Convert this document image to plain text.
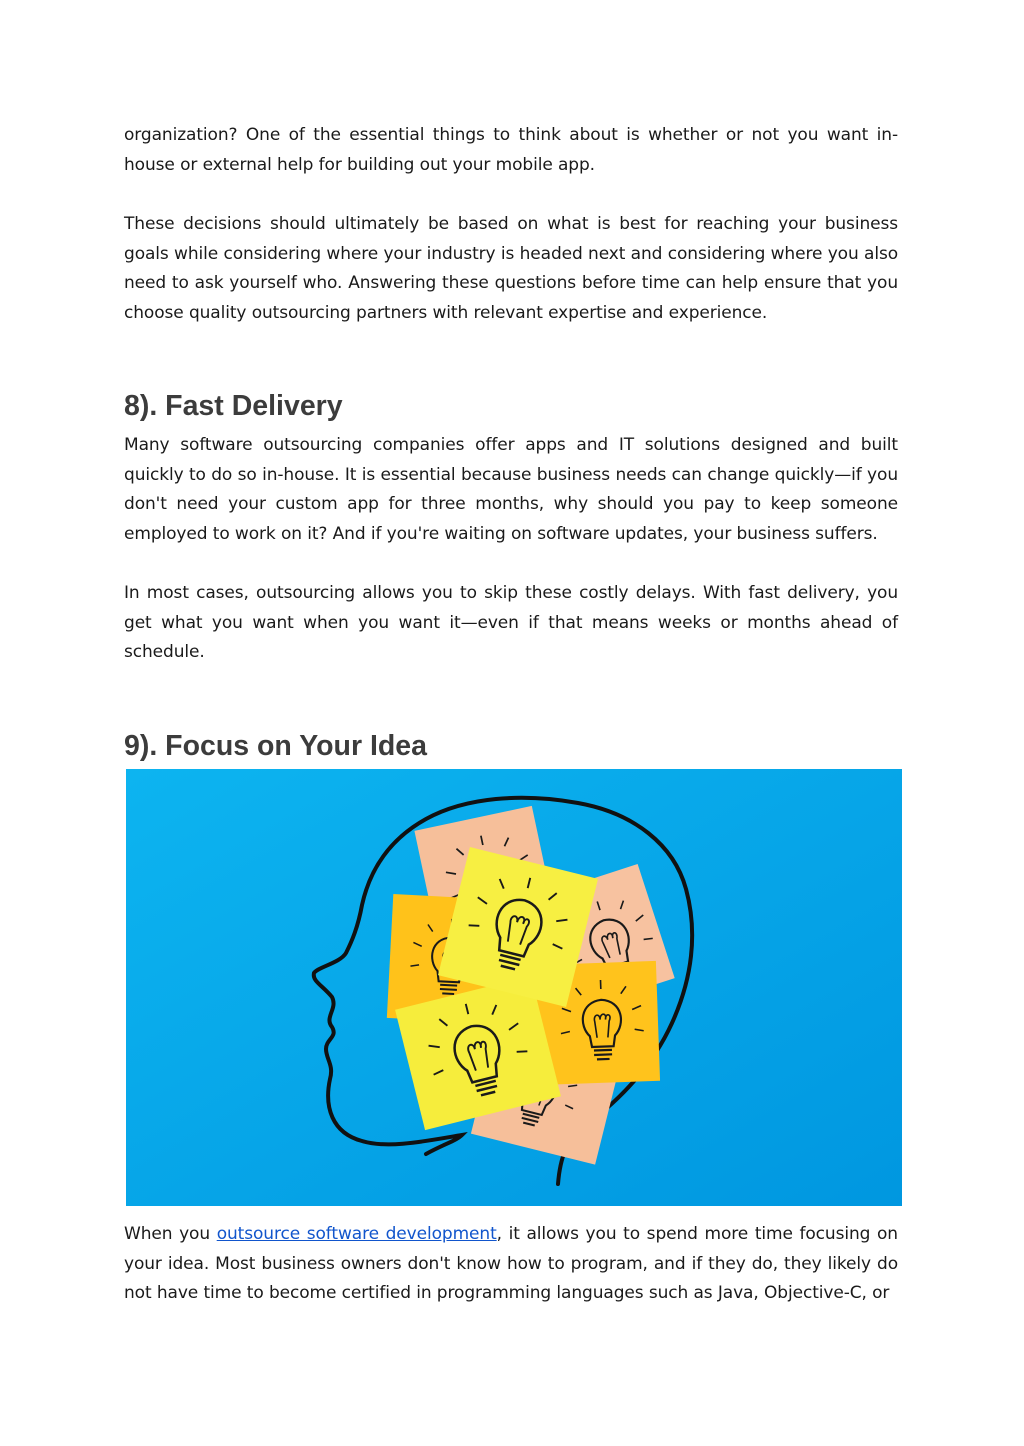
organization? One of the essential things to think about is whether or not you want in-house or external help for building out your mobile app.

These decisions should ultimately be based on what is best for reaching your business goals while considering where your industry is headed next and considering where you also need to ask yourself who. Answering these questions before time can help ensure that you choose quality outsourcing partners with relevant expertise and experience.

8). Fast Delivery

Many software outsourcing companies offer apps and IT solutions designed and built quickly to do so in-house. It is essential because business needs can change quickly—if you don't need your custom app for three months, why should you pay to keep someone employed to work on it? And if you're waiting on software updates, your business suffers.

In most cases, outsourcing allows you to skip these costly delays. With fast delivery, you get what you want when you want it—even if that means weeks or months ahead of schedule.

9). Focus on Your Idea

When you outsource software development, it allows you to spend more time focusing on your idea. Most business owners don't know how to program, and if they do, they likely do not have time to become certified in programming languages such as Java, Objective-C, or
